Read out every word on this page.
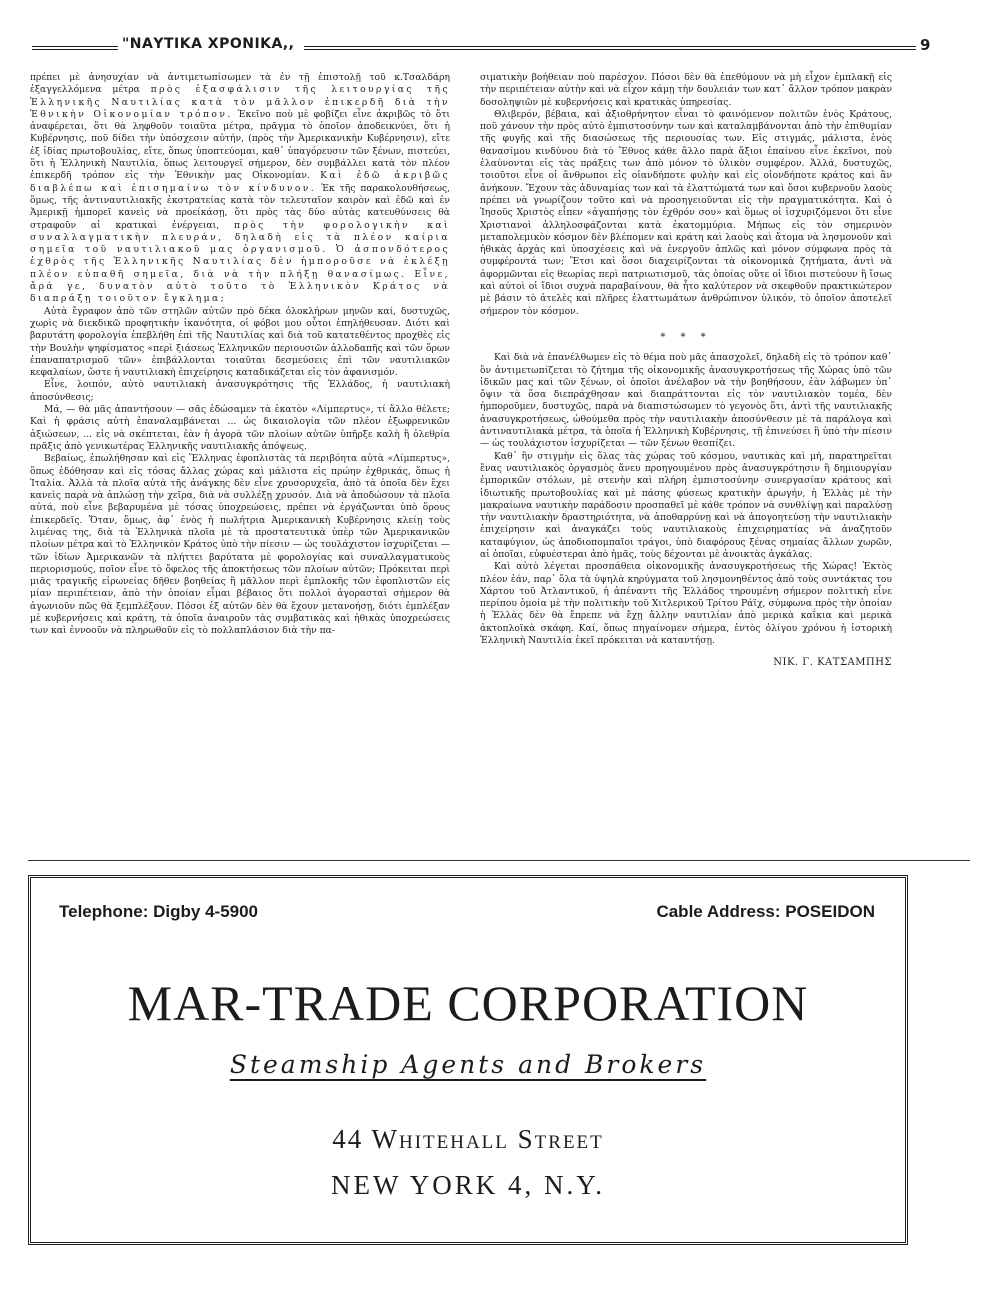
"ΝΑΥΤΙΚΑ ΧΡΟΝΙΚΑ,,	9

πρέπει μὲ ἀνησυχίαν νὰ ἀντιμετωπίσωμεν τὰ ἐν τῇ ἐπιστολῇ τοῦ κ.Τσαλδάρη ἐξαγγελλόμενα μέτρα πρὸς ἐξασφάλισιν τῆς λειτουργίας τῆς Ἑλληνικῆς Ναυτιλίας κατὰ τὸν μᾶλλον ἐπικερδῆ διὰ τὴν Ἐθνικὴν Οἰκονομίαν τρόπον. Ἐκεῖνο ποὺ μὲ φοβίζει εἶνε ἀκριβῶς τὸ ὅτι ἀναφέρεται, ὅτι θὰ ληφθοῦν τοιαῦτα μέτρα, πρᾶγμα τὸ ὁποῖον ἀποδεικνύει, ὅτι ἡ Κυβέρνησις, ποῦ δίδει τὴν ὑπόσχεσιν αὐτήν, (πρὸς τὴν Ἀμερικανικὴν Κυβέρνησιν), εἴτε ἐξ ἰδίας πρωτοβουλίας, εἴτε, ὅπως ὑποπτεύομαι, καθ᾽ ὑπαγόρευσιν τῶν ξένων, πιστεύει, ὅτι ἡ Ἑλληνικὴ Ναυτιλία, ὅπως λειτουργεῖ σήμερον, δὲν συμβάλλει κατὰ τὸν πλέον ἐπικερδῆ τρόπον εἰς τὴν Ἐθνικὴν μας Οἰκονομίαν. Καὶ ἐδῶ ἀκριβῶς διαβλέπω καὶ ἐπισημαίνω τὸν κίνδυνον. Ἐκ τῆς παρακολουθήσεως, ὅμως, τῆς ἀντιναυτιλιακῆς ἐκστρατείας κατὰ τὸν τελευταῖον καιρὸν καὶ ἐδῶ καὶ ἐν Ἀμερικῇ ἡμπορεῖ κανεὶς νὰ προείκάσῃ, ὅτι πρὸς τὰς δύο αὐτὰς κατευθύνσεις θὰ στραφοῦν αἱ κρατικαὶ ἐνέργειαι, πρὸς τὴν φορολογικὴν καὶ συναλλαγματικὴν πλευράν, δηλαδὴ εἰς τὰ πλέον καίρια σημεῖα τοῦ ναυτιλιακοῦ μας ὀργανισμοῦ. Ὁ ἀσπονδότερος ἐχθρὸς τῆς Ἑλληνικῆς Ναυτιλίας δὲν ἠμποροῦσε νὰ ἐκλέξῃ πλέον εὐπαθῆ σημεῖα, διὰ νὰ τὴν πλήξῃ θανασίμως. Εἶνε, ἄρά γε, δυνατὸν αὐτὸ τοῦτο τὸ Ἑλληνικὸν Κράτος νὰ διαπράξῃ τοιοῦτον ἔγκλημα;

Αὐτὰ ἔγραφον ἀπὸ τῶν στηλῶν αὐτῶν πρὸ δέκα ὁλοκλήρων μηνῶν καί, δυστυχῶς, χωρὶς νὰ διεκδικῶ προφητικὴν ἱκανότητα, οἱ φόβοι μου οὗτοι ἐπηλήθευσαν. Διότι καὶ βαρυτάτη φορολογία ἐπεβλήθη ἐπὶ τῆς Ναυτιλίας καὶ διὰ τοῦ κατατεθέντος προχθὲς εἰς τὴν Βουλὴν ψηφίσματος «περὶ ξιάσεως Ἑλληνικῶν περιουσιῶν ἀλλοδαπῆς καὶ τῶν ὅρων ἐπαναπατρισμοῦ τῶν» ἐπιβάλλονται τοιαῦται δεσμεύσεις ἐπὶ τῶν ναυτιλιακῶν κεφαλαίων, ὥστε ἡ ναυτιλιακὴ ἐπιχείρησις καταδικάζεται εἰς τὸν ἀφανισμόν.

Εἶνε, λοιπόν, αὐτὸ ναυτιλιακὴ ἀνασυγκρότησις τῆς Ἑλλάδος, ἡ ναυτιλιακὴ ἀποσύνθεσις;

Μά, — θὰ μᾶς ἀπαντήσουν — σᾶς ἐδώσαμεν τὰ ἑκατὸν «Λίμπερτυς», τί ἄλλο θέλετε; Καὶ ἡ φράσις αὐτὴ ἐπαναλαμβάνεται ... ὡς δικαιολογία τῶν πλέον ἐξωφρενικῶν ἀξιώσεων, ... εἰς νὰ σκέπτεται, ἐὰν ἡ ἀγορὰ τῶν πλοίων αὐτῶν ὑπῆρξε καλὴ ἢ ὀλεθρία πρᾶξις ἀπὸ γενικωτέρας Ἑλληνικῆς ναυτιλιακῆς ἀπόψεως.

Βεβαίως, ἐπωλήθησαν καὶ εἰς Ἕλληνας ἐφοπλιστὰς τὰ περιβόητα αὐτὰ «Λίμπερτυς», ὅπως ἐδόθησαν καὶ εἰς τόσας ἄλλας χώρας καὶ μάλιστα εἰς πρώην ἐχθρικάς, ὅπως ἡ Ἰταλία. Ἀλλὰ τὰ πλοῖα αὐτὰ τῆς ἀνάγκης δὲν εἶνε χρυσορυχεῖα, ἀπὸ τὰ ὁποῖα δὲν ἔχει κανεὶς παρὰ νὰ ἁπλώσῃ τὴν χεῖρα, διὰ νὰ συλλέξῃ χρυσόν. Διὰ νὰ ἀποδώσουν τὰ πλοῖα αὐτά, ποὺ εἶνε βεβαρυμένα μὲ τόσας ὑποχρεώσεις, πρέπει νὰ ἐργάζωνται ὑπὸ ὅρους ἐπικερδεῖς. Ὅταν, ὅμως, ἀφ᾽ ἑνὸς ἡ πωλήτρια Ἀμερικανικὴ Κυβέρνησις κλείῃ τοὺς λιμένας της, διὰ τὰ Ἑλληνικὰ πλοῖα μὲ τὰ προστατευτικὰ ὑπὲρ τῶν Ἀμερικανικῶν πλοίων μέτρα καὶ τὸ Ἑλληνικὸν Κράτος ὑπὸ τὴν πίεσιν — ὡς τουλάχιστον ἰσχυρίζεται — τῶν ἰδίων Ἀμερικανῶν τὰ πλήττει βαρύτατα μὲ φορολογίας καὶ συναλλαγματικοὺς περιορισμούς, ποῖον εἶνε τὸ ὄφελος τῆς ἀποκτήσεως τῶν πλοίων αὐτῶν; Πρόκειται περὶ μιᾶς τραγικῆς εἰρωνείας δῆθεν βοηθείας ἢ μᾶλλον περὶ ἐμπλοκῆς τῶν ἐφοπλιστῶν εἰς μίαν περιπέτειαν, ἀπὸ τὴν ὁποίαν εἶμαι βέβαιος ὅτι πολλοὶ ἀγορασταὶ σήμερον θὰ ἀγωνιοῦν πῶς θὰ ξεμπλέξουν. Πόσοι ἐξ αὐτῶν δὲν θὰ ἔχουν μετανοήσῃ, διότι ἐμπλέξαν μὲ κυβερνήσεις καὶ κράτη, τὰ ὁποῖα ἀναιροῦν τὰς συμβατικὰς καὶ ἠθικὰς ὑποχρεώσεις των καὶ ἐννοοῦν νὰ πληρωθοῦν εἰς τὸ πολλαπλάσιον διὰ τὴν πα-

σιματικὴν βοήθειαν ποὺ παρέσχον. Πόσοι δὲν θὰ ἐπεθύμουν νὰ μὴ εἶχον ἐμπλακῇ εἰς τὴν περιπέτειαν αὐτὴν καὶ νὰ εἶχον κάμῃ τὴν δουλειάν των κατ᾽ ἄλλον τρόπον μακρὰν δοσοληψιῶν μὲ κυβερνήσεις καὶ κρατικὰς ὑπηρεσίας.

Θλιβερόν, βέβαια, καὶ ἀξιοθρήνητον εἶναι τὸ φαινόμενον πολιτῶν ἑνὸς Κράτους, ποῦ χάνουν τὴν πρὸς αὐτὸ ἐμπιστοσύνην των καὶ καταλαμβάνονται ἀπὸ τὴν ἐπιθυμίαν τῆς φυγῆς καὶ τῆς διασώσεως τῆς περιουσίας των. Εἰς στιγμάς, μάλιστα, ἑνὸς θανασίμου κινδύνου διὰ τὸ Ἔθνος κάθε ἄλλο παρὰ ἄξιοι ἐπαίνου εἶνε ἐκεῖνοι, ποὺ ἐλαύνονται εἰς τὰς πράξεις των ἀπὸ μόνον τὸ ὑλικὸν συμφέρον. Ἀλλά, δυστυχῶς, τοιοῦτοι εἶνε οἱ ἄνθρωποι εἰς οἱανδήποτε φυλὴν καὶ εἰς οἱονδήποτε κράτος καὶ ἂν ἀνήκουν. Ἔχουν τὰς ἀδυναμίας των καὶ τὰ ἐλαττώματά των καὶ ὅσοι κυβερνοῦν λαοὺς πρέπει νὰ γνωρίζουν τοῦτο καὶ νὰ προσηγειοῦνται εἰς τὴν πραγματικότητα. Καὶ ὁ Ἰησοῦς Χριστὸς εἶπεν «ἀγαπήσῃς τὸν ἐχθρόν σου» καὶ ὅμως οἱ ἰσχυριζόμενοι ὅτι εἶνε Χριστιανοὶ ἀλληλοσφάζονται κατὰ ἑκατομμύρια. Μήπως εἰς τὸν σημερινὸν μεταπολεμικὸν κόσμον δὲν βλέπομεν καὶ κράτη καὶ λαοὺς καὶ ἄτομα νὰ λησμονοῦν καὶ ἠθικὰς ἀρχὰς καὶ ὑποσχέσεις καὶ νὰ ἐνεργοῦν ἁπλῶς καὶ μόνον σύμφωνα πρὸς τὰ συμφέροντά των; Ἔτσι καὶ ὅσοι διαχειρίζονται τὰ οἰκονομικὰ ζητήματα, ἀντὶ νὰ ἀφορμῶνται εἰς θεωρίας περὶ πατριωτισμοῦ, τὰς ὁποίας οὔτε οἱ ἴδιοι πιστεύουν ἢ ἴσως καὶ αὐτοὶ οἱ ἴδιοι συχνὰ παραβαίνουν, θὰ ἦτο καλύτερον νὰ σκεφθοῦν πρακτικώτερον μὲ βάσιν τὸ ἀτελὲς καὶ πλῆρες ἐλαττωμάτων ἀνθρώπινον ὑλικόν, τὸ ὁποῖον ἀποτελεῖ σήμερον τὸν κόσμον.

* * *

Καὶ διὰ νὰ ἐπανέλθωμεν εἰς τὸ θέμα ποὺ μᾶς ἀπασχολεῖ, δηλαδὴ εἰς τὸ τρόπον καθ᾽ ὃν ἀντιμετωπίζεται τὸ ζήτημα τῆς οἰκονομικῆς ἀνασυγκροτήσεως τῆς Χώρας ὑπὸ τῶν ἰδικῶν μας καὶ τῶν ξένων, οἱ ὁποῖοι ἀνέλαβον νὰ τὴν βοηθήσουν, ἐὰν λάβωμεν ὑπ᾽ ὄψιν τὰ ὅσα διεπράχθησαν καὶ διαπράττονται εἰς τὸν ναυτιλιακὸν τομέα, δὲν ἠμποροῦμεν, δυστυχῶς, παρὰ νὰ διαπιστώσωμεν τὸ γεγονὸς ὅτι, ἀντὶ τῆς ναυτιλιακῆς ἀνασυγκροτήσεως, ὠθούμεθα πρὸς τὴν ναυτιλιακὴν ἀποσύνθεσιν μὲ τὰ παράλογα καὶ ἀντιναυτιλιακὰ μέτρα, τὰ ὁποῖα ἡ Ἑλληνικὴ Κυβέρνησις, τῇ ἐπινεύσει ἢ ὑπὸ τὴν πίεσιν — ὡς τουλάχιστον ἰσχυρίζεται — τῶν ξένων θεσπίζει.

Καθ᾽ ἣν στιγμὴν εἰς ὅλας τὰς χώρας τοῦ κόσμου, ναυτικὰς καὶ μή, παρατηρεῖται ἕνας ναυτιλιακὸς ὀργασμὸς ἄνευ προηγουμένου πρὸς ἀνασυγκρότησιν ἢ δημιουργίαν ἐμπορικῶν στόλων, μὲ στενὴν καὶ πλήρη ἐμπιστοσύνην συνεργασίαν κράτους καὶ ἰδιωτικῆς πρωτοβουλίας καὶ μὲ πάσης φύσεως κρατικὴν ἀρωγήν, ἡ Ἑλλὰς μὲ τὴν μακραίωνα ναυτικὴν παράδοσιν προσπαθεῖ μὲ κάθε τρόπον νὰ συνθλίψῃ καὶ παραλύσῃ τὴν ναυτιλιακὴν δραστηριότητα, νὰ ἀποθαρρύνῃ καὶ νὰ ἀπογοητεύσῃ τὴν ναυτιλιακὴν ἐπιχείρησιν καὶ ἀναγκάζει τοὺς ναυτιλιακοὺς ἐπιχειρηματίας νὰ ἀναζητοῦν καταφύγιον, ὡς ἀποδιοπομπαῖοι τράγοι, ὑπὸ διαφόρους ξένας σημαίας ἄλλων χωρῶν, αἱ ὁποῖαι, εὐφυέστεραι ἀπὸ ἡμᾶς, τοὺς δέχονται μὲ ἀνοικτὰς ἀγκάλας.

Καὶ αὐτὸ λέγεται προσπάθεια οἰκονομικῆς ἀνασυγκροτήσεως τῆς Χώρας! Ἐκτὸς πλέον ἐάν, παρ᾽ ὅλα τὰ ὑψηλὰ κηρύγματα τοῦ λησμονηθέντος ἀπὸ τοὺς συντάκτας του Χάρτου τοῦ Ἀτλαντικοῦ, ἡ ἀπέναντι τῆς Ἑλλάδος τηρουμένη σήμερον πολιτικὴ εἶνε περίπου ὁμοία μὲ τὴν πολιτικὴν τοῦ Χιτλερικοῦ Τρίτου Ράϊχ, σύμφωνα πρὸς τὴν ὁποίαν ἡ Ἑλλὰς δὲν θὰ ἔπρεπε νὰ ἔχῃ ἄλλην ναυτιλίαν ἀπὸ μερικὰ καΐκια καὶ μερικὰ ἀκτοπλοϊκὰ σκάφη. Καί, ὅπως πηγαίνομεν σήμερα, ἐντὸς ὀλίγου χρόνου ἡ ἱστορικὴ Ἑλληνικὴ Ναυτιλία ἐκεῖ πρόκειται νὰ καταντήσῃ.

ΝΙΚ. Γ. ΚΑΤΣΑΜΠΗΣ
Telephone: Digby 4-5900	Cable Address: POSEIDON
MAR-TRADE CORPORATION
Steamship Agents and Brokers
44 Whitehall Street
NEW YORK 4, N.Y.
